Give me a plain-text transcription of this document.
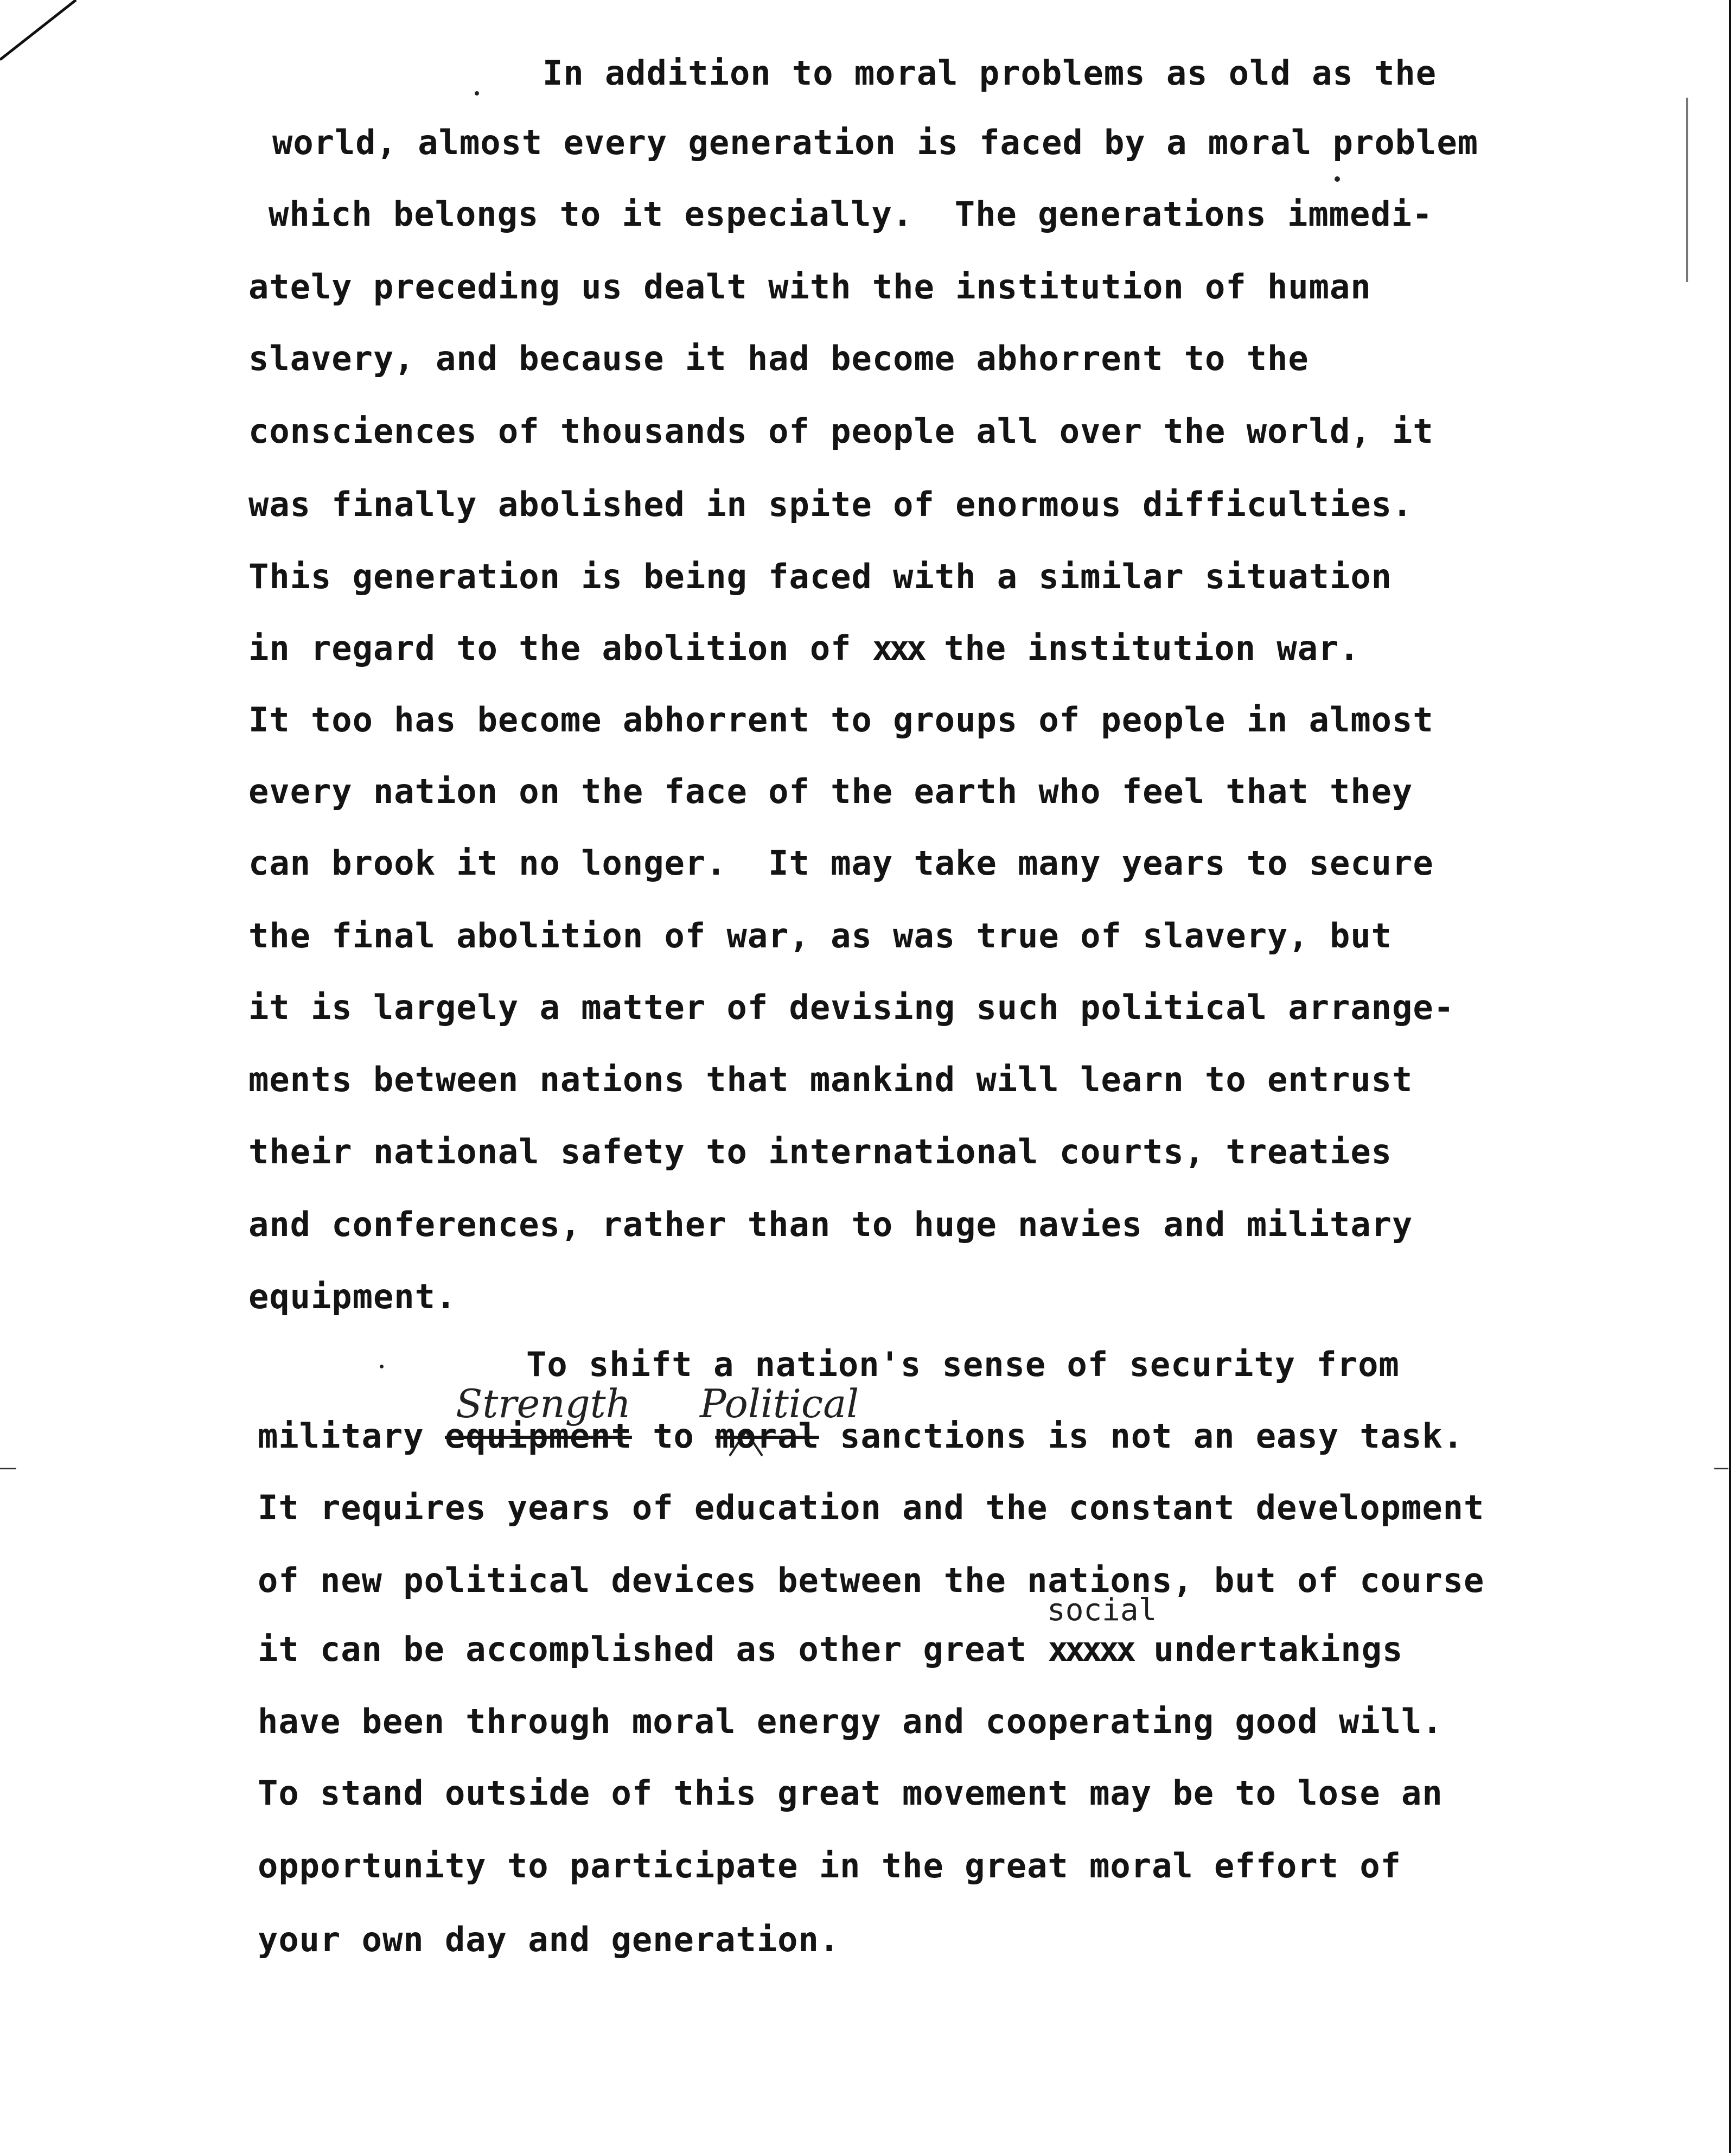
In addition to moral problems as old as the
world, almost every generation is faced by a moral problem
which belongs to it especially.  The generations immedi-
ately preceding us dealt with the institution of human
slavery, and because it had become abhorrent to the
consciences of thousands of people all over the world, it
was finally abolished in spite of enormous difficulties.
This generation is being faced with a similar situation
in regard to the abolition of xxx the institution war.
It too has become abhorrent to groups of people in almost
every nation on the face of the earth who feel that they
can brook it no longer.  It may take many years to secure
the final abolition of war, as was true of slavery, but
it is largely a matter of devising such political arrange-
ments between nations that mankind will learn to entrust
their national safety to international courts, treaties
and conferences, rather than to huge navies and military
equipment.
To shift a nation's sense of security from
Strength Political
military equipment to moral sanctions is not an easy task.
It requires years of education and the constant development
of new political devices between the nations, but of course
social
it can be accomplished as other great xxxxx undertakings
have been through moral energy and cooperating good will.
To stand outside of this great movement may be to lose an
opportunity to participate in the great moral effort of
your own day and generation.
